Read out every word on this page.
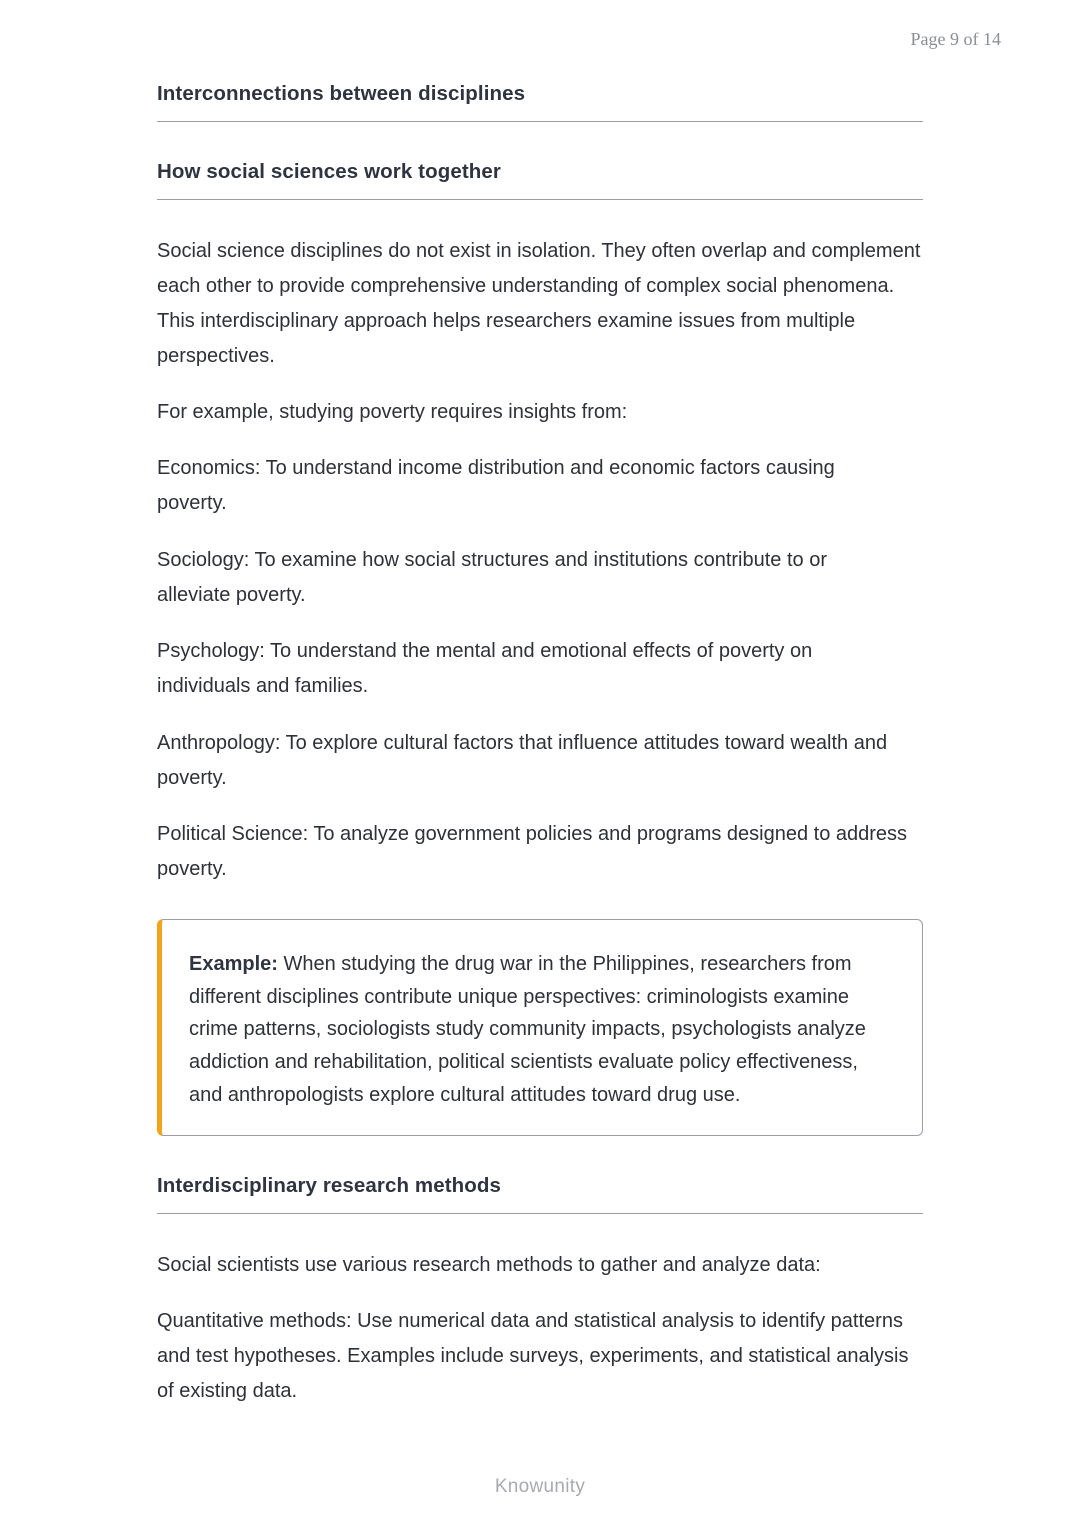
Page 9 of 14
Interconnections between disciplines
How social sciences work together
Social science disciplines do not exist in isolation. They often overlap and complement each other to provide comprehensive understanding of complex social phenomena. This interdisciplinary approach helps researchers examine issues from multiple perspectives.
For example, studying poverty requires insights from:
Economics: To understand income distribution and economic factors causing poverty.
Sociology: To examine how social structures and institutions contribute to or alleviate poverty.
Psychology: To understand the mental and emotional effects of poverty on individuals and families.
Anthropology: To explore cultural factors that influence attitudes toward wealth and poverty.
Political Science: To analyze government policies and programs designed to address poverty.
Example: When studying the drug war in the Philippines, researchers from different disciplines contribute unique perspectives: criminologists examine crime patterns, sociologists study community impacts, psychologists analyze addiction and rehabilitation, political scientists evaluate policy effectiveness, and anthropologists explore cultural attitudes toward drug use.
Interdisciplinary research methods
Social scientists use various research methods to gather and analyze data:
Quantitative methods: Use numerical data and statistical analysis to identify patterns and test hypotheses. Examples include surveys, experiments, and statistical analysis of existing data.
Knowunity
